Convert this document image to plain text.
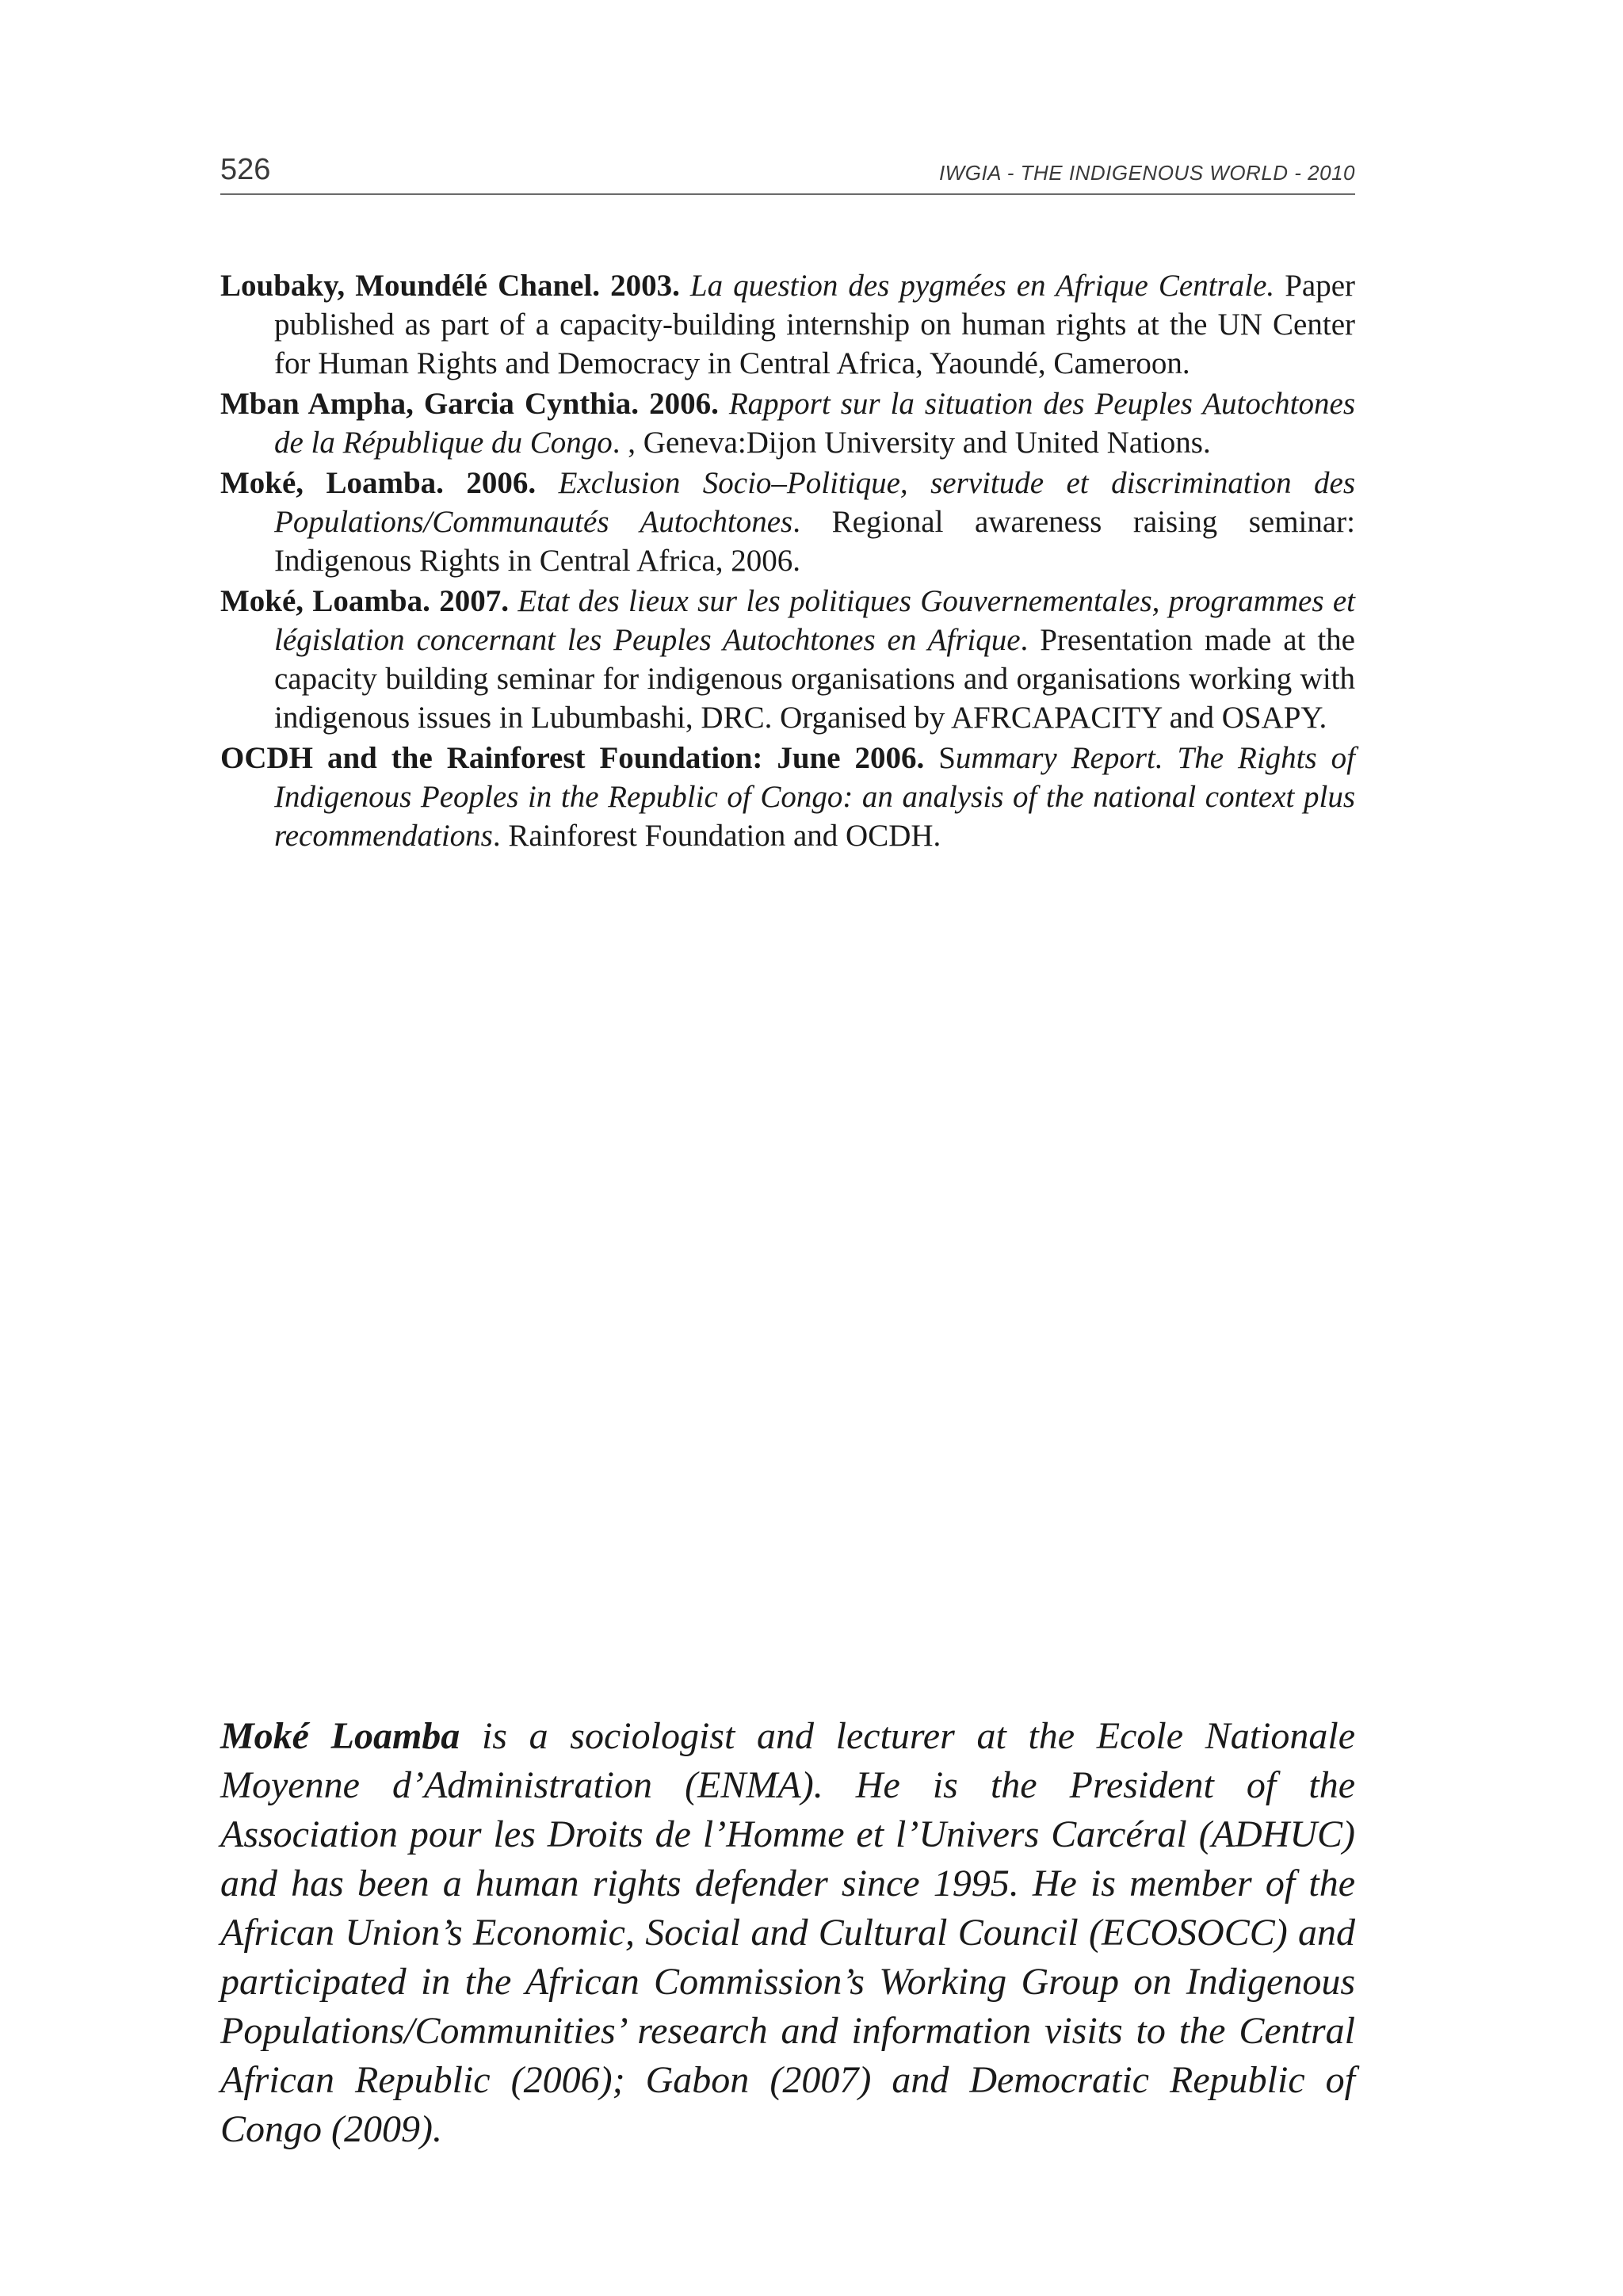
526	IWGIA - THE INDIGENOUS WORLD - 2010

Loubaky, Moundélé Chanel. 2003. La question des pygmées en Afrique Centrale. Paper published as part of a capacity-building internship on human rights at the UN Center for Human Rights and Democracy in Central Africa, Yaoundé, Cameroon.

Mban Ampha, Garcia Cynthia. 2006. Rapport sur la situation des Peuples Autochtones de la République du Congo. , Geneva:Dijon University and United Nations.

Moké, Loamba. 2006. Exclusion Socio–Politique, servitude et discrimination des Populations/Communautés Autochtones. Regional awareness raising seminar: Indigenous Rights in Central Africa, 2006.

Moké, Loamba. 2007. Etat des lieux sur les politiques Gouvernementales, programmes et législation concernant les Peuples Autochtones en Afrique. Presentation made at the capacity building seminar for indigenous organisations and organisations working with indigenous issues in Lubumbashi, DRC. Organised by AFRCAPACITY and OSAPY.

OCDH and the Rainforest Foundation: June 2006. Summary Report. The Rights of Indigenous Peoples in the Republic of Congo: an analysis of the national context plus recommendations. Rainforest Foundation and OCDH.

Moké Loamba is a sociologist and lecturer at the Ecole Nationale Moyenne d’Administration (ENMA). He is the President of the Association pour les Droits de l’Homme et l’Univers Carcéral (ADHUC) and has been a human rights defender since 1995. He is member of the African Union’s Economic, Social and Cultural Council (ECOSOCC) and participated in the African Commission’s Working Group on Indigenous Populations/Communities’ research and information visits to the Central African Republic (2006); Gabon (2007) and Democratic Republic of Congo (2009).
